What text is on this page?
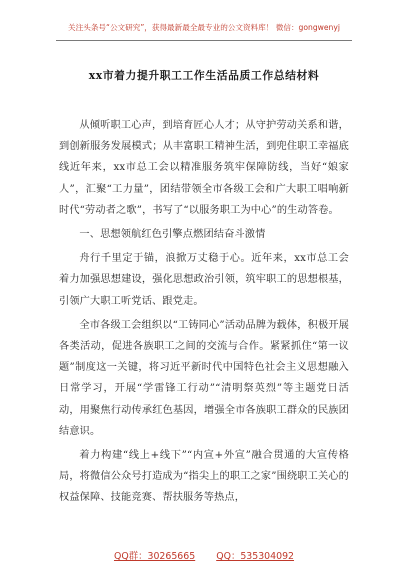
关注头条号“公文研究”，获得最新最全最专业的公文资料库！ 微信：gongwenyj
xx市着力提升职工工作生活品质工作总结材料

从倾听职工心声，到培育匠心人才；从守护劳动关系和谐，到创新服务发展模式；从丰富职工精神生活，到兜住职工幸福底线近年来，xx市总工会以精准服务筑牢保障防线，当好“娘家人”，汇聚“工力量”，团结带领全市各级工会和广大职工唱响新时代“劳动者之歌”，书写了“以服务职工为中心”的生动答卷。

一、思想领航红色引擎点燃团结奋斗激情

舟行千里定于锚，浪掀万丈稳于心。近年来，xx市总工会着力加强思想建设，强化思想政治引领，筑牢职工的思想根基，引领广大职工听党话、跟党走。

全市各级工会组织以“工铸同心”活动品牌为载体，积极开展各类活动，促进各族职工之间的交流与合作。紧紧抓住“第一议题”制度这一关键，将习近平新时代中国特色社会主义思想融入日常学习，开展“学雷锋工行动”“清明祭英烈”等主题党日活动，用聚焦行动传承红色基因，增强全市各族职工群众的民族团结意识。

着力构建“线上+线下”“内宣+外宣”融合贯通的大宣传格局，将微信公众号打造成为“指尖上的职工之家”围绕职工关心的权益保障、技能竞赛、帮扶服务等热点，

QQ群：30265665 QQ：535304092
